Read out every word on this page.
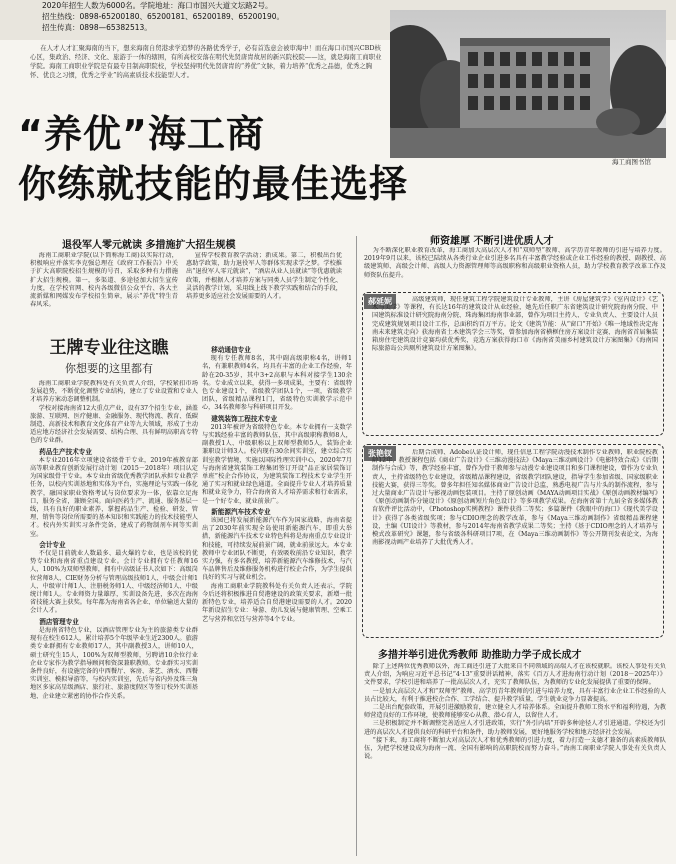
2020年招生人数为6000名。学院地址：海口市国兴大道文坛路2号。
招生热线：0898-65200180、65200181、65200189、65200190。
招生传真：0898—65382513。
在人才人才汇聚海南的当下，想来海南自贸港求学追梦的各路优秀学子，必有首选意会被审海中！而在海口市国兴CBD核心区，集政治、经济、文化、旅游于一体的辖围，有所高校安落在明代先贤唐胄故居的新兴院校院——这，就是海南工商职业学院。海南工商职业学院是有最专目制高职院校，学校坚持明代先贤唐胄的“养优”文脉，着力培养“优秀之品德，优秀之胸怀、优良之习惯，优秀之学业”的高素质技术技能型人才。
海工商图书馆
“养优”海工商
你练就技能的最佳选择
退役军人零元就读 多措施扩大招生规模

海南工商职业学院(以下简称海工商)以实际行动，积极响应并落实李克强总理在《政府工作报告》中关于扩大高职院校招生规模的号召，采取多种有力措施扩大招生规模。第一，多渠道、多途径加大招生宣传力度，在学校官网、校内各级微信公众平台、各大主流新媒和网媒发布学校招生简章，展示“养优”特生青春风采。

宣传学校教育教学活动；新成果。第二，积极出台优惠助学政策，助力退役军人等群体实现求学之梦。学校推出“退役军人零元就读”，“酒店从业人员就读”等优惠就读政策，并根据人才培养方案与同类人员学生制定个性化、灵活的教学计划，采用线上线下教学实践和结合的手段，培养更多适应社会发展需要的人才。

王牌专业往这瞧
你想要的这里都有

海南工商职业学院教科处有关负责人介绍，学校紧扣市场发展趋势，不断优化调整专业结构，建立了专业设置和专业人才培养方案动态调整机制。

学校对接海南省12大重点产业，设有37个招生专业，涵盖旅游、互联网、医疗健康、金融服务、现代物流、教育、低碳制造、高新技术和教育文化体育产业等九大领域，形成了主动适应地方经济社会发展需要、结构合理、具有鲜明高职高专特色的专业群。

药品生产技术专业

本专业2016年立项建设省级骨干专业，2019年被教育部高等职业教育创新发展行动计划（2015－2018年）项目认定为国家级骨干专业。本专业由省级优秀教学团队承担专业教学任务，以校内实训基地和实体为平台，实施理论与实践一体化教学，融国家职业资格考试与岗位要求为一体，依靠立足海口，服务全省，兼顾全国。面向医药生产、流通、服务基层一线，具有良好的职业素养，掌握药品生产、检验、研发、管理、销售等岗位所需要的基本知识和实践能力的技术技能型人才。校内外实训实习条件完备，建成了药物制剂车间等实训室。

会计专业

不仅是目前就业人数最多、最火爆的专业，也是该校的优势专业和海南省重点建设专业。会计专业拥有专任教师16人，100%为双师型教师，拥有中高级证书人次如下：高级岗位营师8人、CIE财务分析与管理高级技师1人、中级会计师1人、中级审计师1人、注册税务师1人、中级经济师1人、中级统计师1人。专业师资力量雄厚，实训设备先进，多次在海南省技能大赛上获奖。每年都为海南省各企业、单位输送大量的会计人才。

酒店管理专业

是海南省特色专业，以酒店管理专业为主的旅游类专业群现有在校生612人，累计培养5个年级毕业生近2300人。旅游类专业群拥有专业教师17人，其中副教授3人，讲师10人，硕士研究生15人，100%为双师型教师，另聘请10余位行业企业专家作为教学指导顾问和资深兼职教师。专业群实习实训条件良好，有设施完备的中西餐厅、客房、茶艺、酒水、西餐实训室、模拟导游等，与校内实训室，先后与省内外及珠三角地区多家高星级酒店、旅行社、旅游度假区等签订校外实训基地、企业建立紧密的协作合作关系。

移动通信专业

现有专任教师8名，其中副高级职称4名，讲师1名，有兼职教师4名，均具有丰富的企业工作经验，年龄在20-35岁，其中3+2高职与本科对接学生130余名。专业成立以来，获得一多项成果，主要有：省级特色专业建设1个，省级教学团队1个，一项，省级教学团队，省级精品课程1门，省级特色实训教学示范中心，34名教师参与科研项目开发。

建筑装饰工程技术专业

2013年被评为省级特色专业。本专业拥有一支数学与实践经验丰富的教师队伍，其中高级职称教师8人，副教授1人、中级职称以上双师型教师5人，装饰企业兼职设计师3人。校内现有30余间实训室，建立综合实训室教学情境，实施以国际性理实训中心，2020年7月与海南省建筑装饰工程集团签订开设“品正家居装饰订单班”校企合作协议，为建筑装饰工程技术专业学生开通了实习和就业绿色通道。全面提升专业人才培养质量和就业竞争力，符合海南省人才培养需求和行业需求，是一个好专业，就业前景广。

新能源汽车技术专业

该园已将发展新能源汽车作为国家战略，海南省提出了2030年前实现全岛使用新能源汽车，即重大举措，新能源汽车技术专业特色科将是海南重点专业设计和技能，可持续发展前景广阔，就业前景远大。本专业教师中专业团队不断更，有效吸收前沿专业知识，教学实力强，有多名教授，培养新能源汽车维修技术，与汽车品牌售后及维修服务机构进行校企合作，为学生提供良好的实习与就业机会。

海南工商职业学院教科处有关负责人还表示，学院今后还将积极推进自贸港建设的政策关要求，新增一批新特色专业，培养适合自贸港建设需要的人才。2020年新设招生专业：导游、幼儿发展与健康管理、空乘工艺与营养和烹饪与营养等4个专业。

师资雄厚 不断引进优质人才

为不断深化职业教育改革，海工商加大高层次人才和“双师型”教师、高学历青年教师的引进与培养力度。2019年9月以来，该校已陆续从各类行业企业引进多名具有丰富教学经验或企业工作经验的教授、副教授、高级建筑师、高级会计师、高级人力资源管理师等高级职称和高级职业资格人员，助力学校教育教学改革工作及师资队伍提升。

郝延妮	高级建筑师，现任建筑工程学院建筑设计专业教师，主讲《房屋建筑学》《室内设计》《艺术与美学》等课程，有长达16年的建筑设计从业经验，她先后任职广东省建筑设计研究院海南分院、中国建筑标准设计研究院海南分院、珠海集团海南事业部，曾作为项目主持人、专业负责人、主要设计人员完成建筑规划项目设计工作，总面积约百万平方。论文《建筑节能：从“窗口”开始》《唯一地域性决定海南未来建筑走向》获海南省土木建筑学会三等奖，曾参加海南省横框住房方案设计竞赛、海南省首届集装箱房住宅建筑设计竞赛均获优秀奖，竞选方案获得海口市《海南省美丽乡村建筑设计方案图集》《海南国际旅游岛公共厕所建筑设计方案图集》。

张艳钗	后期合成师、Adobe认证设计师，现任信息工程学院动漫技术制作专业教师，职业院校教龄12年，教授课程包括《商业广告设计》《三维动漫技法》《Maya三维动画设计》《电影特效合成》《后期制作与合成》等，教学经验丰富，曾作为骨干教师参与动漫专业建设项目和多门课程建设，曾作为专业负责人，主持省级特色专业建设，省级精品课程建设，省级教学团队建设，指导学生参加省级、国家级职业技能大赛，获得三等奖。曾多年担任知名媒体商业广告设计总监，熟悉电视广告与片头的制作流程，参与过大量商业广告设计与影视动画包装项目。主持了原创动画《MAYA动画项目实战》《原创动画教材编写》《原创动画制作分镜设计》《原创动画短片角色设计》等多项教学成果。在海南省第十九届全省多媒体教育软件评比活动中，《Photoshop实例教程》课件获得二等奖；多篇课件《我眼中的海口》《现代美学设计》获得了各类省级奖项；参与CDIO理念的教学改革，参与《Maya三维动画制作》省级精品课程建设，主编《UI设计》等教材，参与2014年海南省教学成果二等奖；主持《基于CDIO理念的人才培养与模式改革研究》课题，参与省级各科研项目7项，在《Maya三维动画制作》等公开期刊发表论文，为海南影视动画产业培养了大批优秀人才。

多措并举引进优秀教师 助推助力学子成长成才

除了上述两位优秀教师以外，海工商还引进了大批来自不同领域的高端人才在该校就职。该校人事处有关负责人介绍，为响应习近平总书记“4·13”重要讲话精神，落实《百万人才进海南行动计划（2018－2025年）》文件要求，学校引进和培养了一批高层次人才，充实了教师队伍，为教师的专业化发展提供了重要的保障。

一是加大高层次人才和“双师型”教师、高学历青年教师的引进与培养力度，具有丰富行业企业工作经验的人员占比较大，有利于推进校企合作、工学结合、提升教学质量，学生就业竞争力显著提高。

二是出台配套政策，开展引进激励教育，建立健全人才培养体系。全面提升教师工资水平和福利待遇，为教师营造良好的工作环境，使教师能够安心从教、潜心育人，以留住人才。

三是积极制定并不断调整完善适应人才引进政策，实行“外引内培”开辟多种途径人才引进通道。学校还为引进的高层次人才提供良好的科研平台和条件，助力教师发展，更好地服务学校和地方经济社会发展。

“接下来，海工商将不断加大对高层次人才和优秀教师的引进力度，着力打造一支德才兼备的高素质教师队伍，为把学校建设成为海南一流、全国有影响的高职院校而努力奋斗。”海南工商职业学院人事处有关负责人说。
